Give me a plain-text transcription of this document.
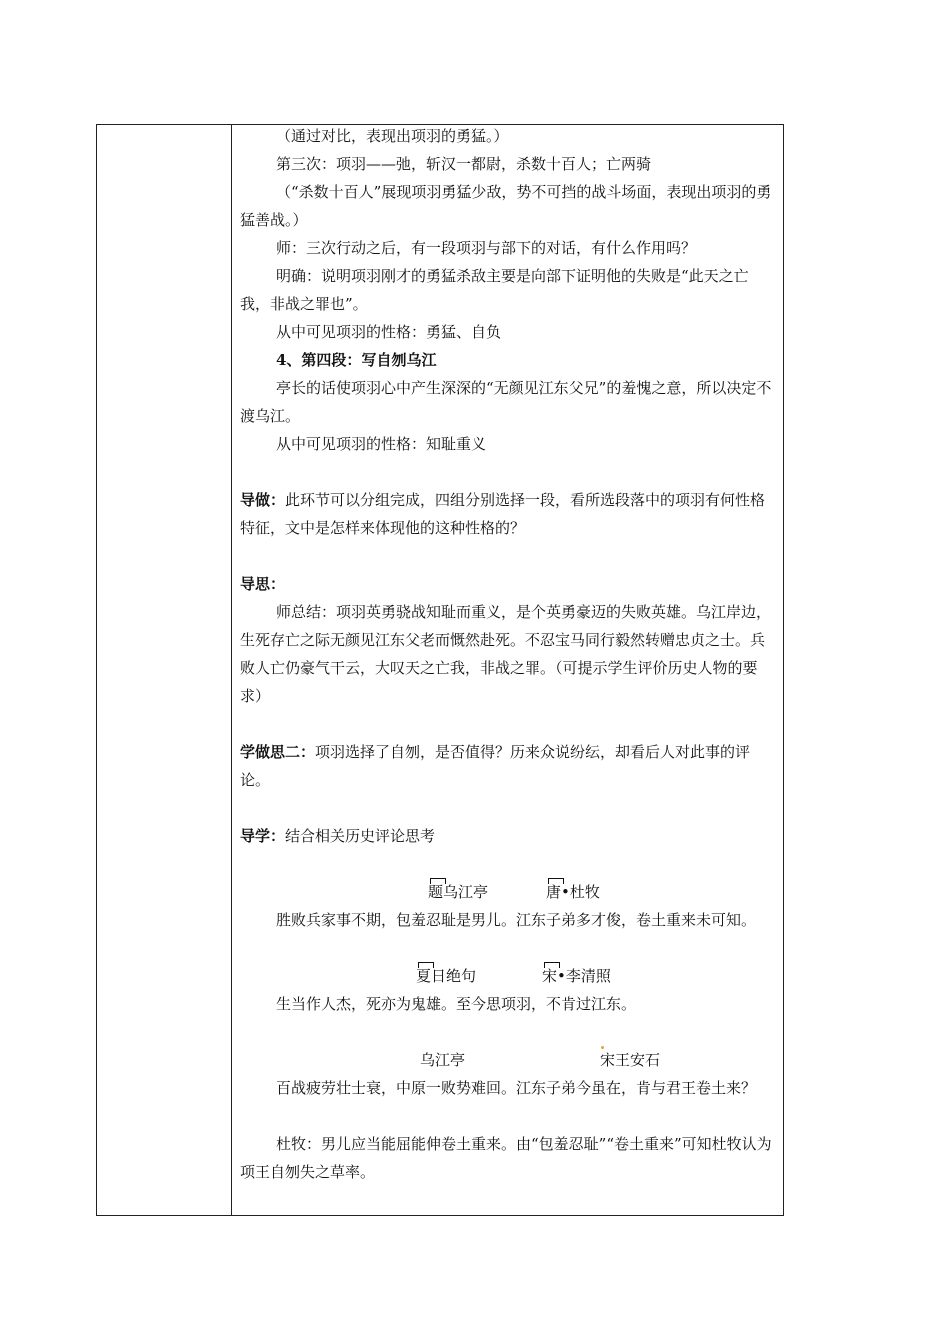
（通过对比，表现出项羽的勇猛。）

第三次：项羽——弛，斩汉一都尉，杀数十百人；亡两骑

（“杀数十百人”展现项羽勇猛少敌，势不可挡的战斗场面，表现出项羽的勇猛善战。）

师：三次行动之后，有一段项羽与部下的对话，有什么作用吗？

明确：说明项羽刚才的勇猛杀敌主要是向部下证明他的失败是“此天之亡我，非战之罪也”。

从中可见项羽的性格：勇猛、自负

4、第四段：写自刎乌江

亭长的话使项羽心中产生深深的“无颜见江东父兄”的羞愧之意，所以决定不渡乌江。

从中可见项羽的性格：知耻重义

导做：此环节可以分组完成，四组分别选择一段，看所选段落中的项羽有何性格特征，文中是怎样来体现他的这种性格的？

导思：

师总结：项羽英勇骁战知耻而重义，是个英勇豪迈的失败英雄。乌江岸边，生死存亡之际无颜见江东父老而慨然赴死。不忍宝马同行毅然转赠忠贞之士。兵败人亡仍豪气干云，大叹天之亡我，非战之罪。（可提示学生评价历史人物的要求）

学做思二：项羽选择了自刎，是否值得？历来众说纷纭，却看后人对此事的评论。

导学：结合相关历史评论思考

题乌江亭	唐•杜牧

胜败兵家事不期，包羞忍耻是男儿。江东子弟多才俊，卷土重来未可知。

夏日绝句	宋•李清照

生当作人杰，死亦为鬼雄。至今思项羽，不肯过江东。

乌江亭	宋王安石

百战疲劳壮士衰，中原一败势难回。江东子弟今虽在，肯与君王卷土来？

杜牧：男儿应当能屈能伸卷土重来。由“包羞忍耻”“卷土重来”可知杜牧认为项王自刎失之草率。
